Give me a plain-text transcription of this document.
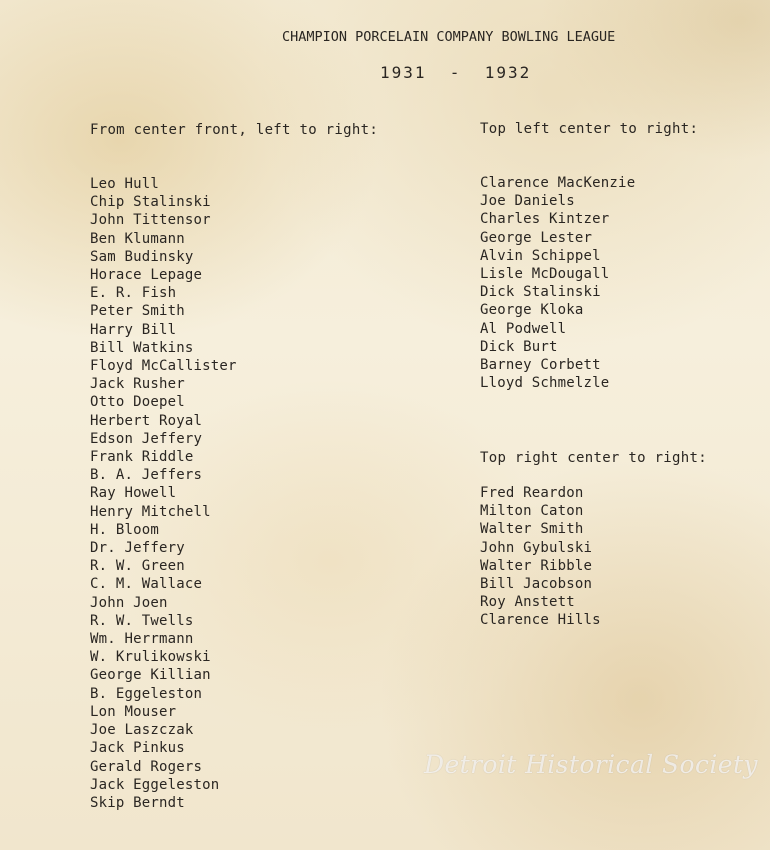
CHAMPION PORCELAIN COMPANY BOWLING LEAGUE
1931  -  1932
From center front, left to right:	Top left center to right:
Top right center to right:
Leo Hull
Chip Stalinski
John Tittensor
Ben Klumann
Sam Budinsky
Horace Lepage
E. R. Fish
Peter Smith
Harry Bill
Bill Watkins
Floyd McCallister
Jack Rusher
Otto Doepel
Herbert Royal
Edson Jeffery
Frank Riddle
B. A. Jeffers
Ray Howell
Henry Mitchell
H. Bloom
Dr. Jeffery
R. W. Green
C. M. Wallace
John Joen
R. W. Twells
Wm. Herrmann
W. Krulikowski
George Killian
B. Eggeleston
Lon Mouser
Joe Laszczak
Jack Pinkus
Gerald Rogers
Jack Eggeleston
Skip Berndt
Clarence MacKenzie
Joe Daniels
Charles Kintzer
George Lester
Alvin Schippel
Lisle McDougall
Dick Stalinski
George Kloka
Al Podwell
Dick Burt
Barney Corbett
Lloyd Schmelzle
Fred Reardon
Milton Caton
Walter Smith
John Gybulski
Walter Ribble
Bill Jacobson
Roy Anstett
Clarence Hills
Detroit Historical Society
